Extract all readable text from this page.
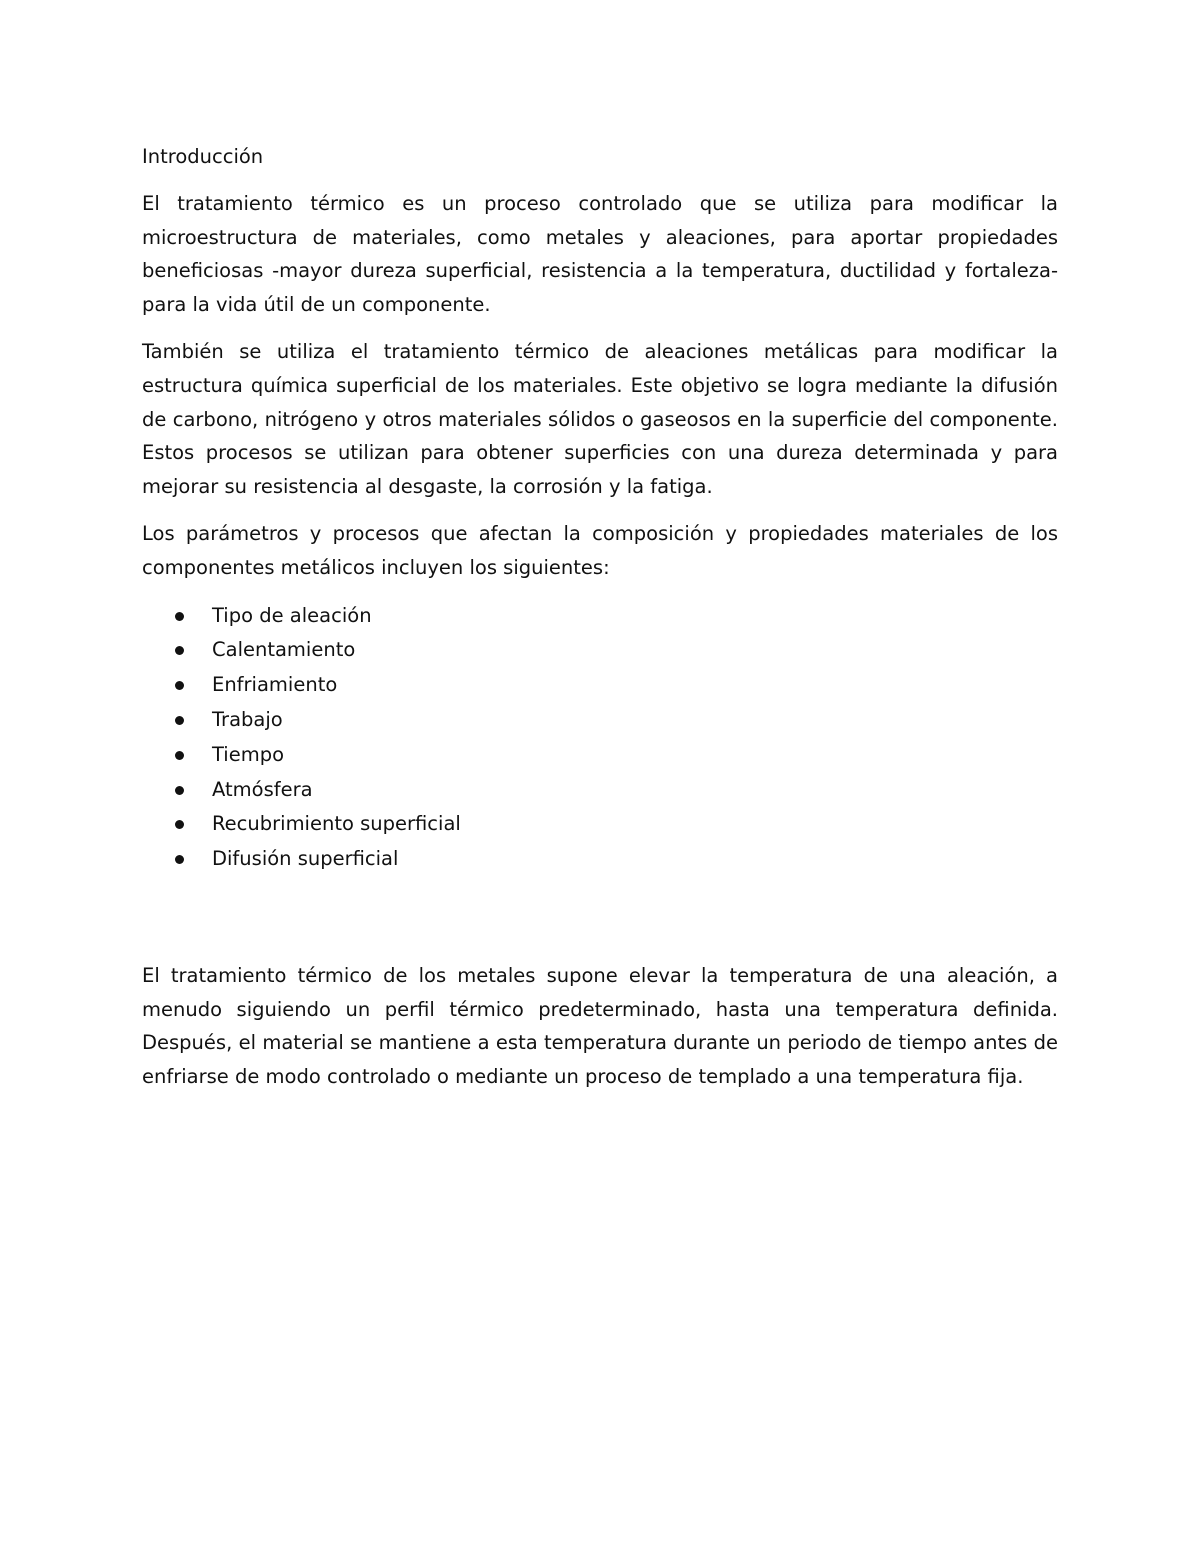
Introducción

El tratamiento térmico es un proceso controlado que se utiliza para modificar la microestructura de materiales, como metales y aleaciones, para aportar propiedades beneficiosas -mayor dureza superficial, resistencia a la temperatura, ductilidad y fortaleza- para la vida útil de un componente.

También se utiliza el tratamiento térmico de aleaciones metálicas para modificar la estructura química superficial de los materiales. Este objetivo se logra mediante la difusión de carbono, nitrógeno y otros materiales sólidos o gaseosos en la superficie del componente. Estos procesos se utilizan para obtener superficies con una dureza determinada y para mejorar su resistencia al desgaste, la corrosión y la fatiga.

Los parámetros y procesos que afectan la composición y propiedades materiales de los componentes metálicos incluyen los siguientes:

Tipo de aleación
Calentamiento
Enfriamiento
Trabajo
Tiempo
Atmósfera
Recubrimiento superficial
Difusión superficial

El tratamiento térmico de los metales supone elevar la temperatura de una aleación, a menudo siguiendo un perfil térmico predeterminado, hasta una temperatura definida. Después, el material se mantiene a esta temperatura durante un periodo de tiempo antes de enfriarse de modo controlado o mediante un proceso de templado a una temperatura fija.
